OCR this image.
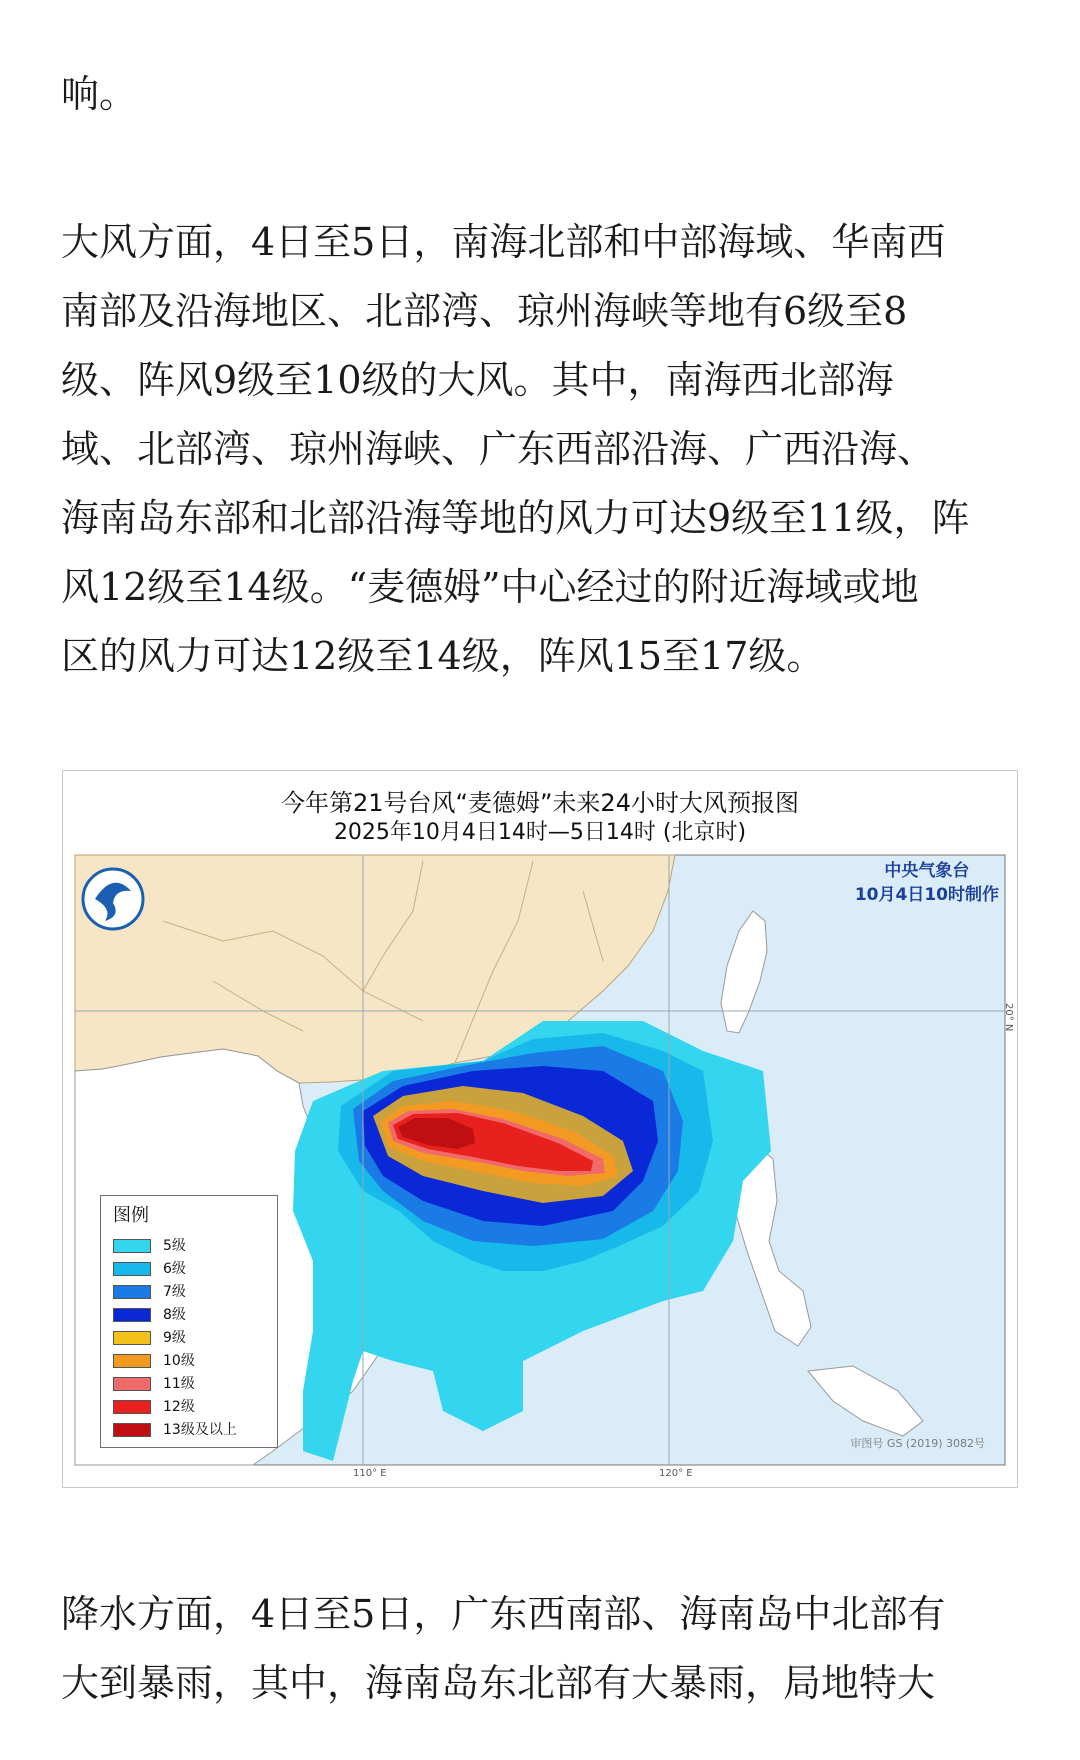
响。

大风方面，4日至5日，南海北部和中部海域、华南西
南部及沿海地区、北部湾、琼州海峡等地有6级至8
级、阵风9级至10级的大风。其中，南海西北部海
域、北部湾、琼州海峡、广东西部沿海、广西沿海、
海南岛东部和北部沿海等地的风力可达9级至11级，阵
风12级至14级。“麦德姆”中心经过的附近海域或地
区的风力可达12级至14级，阵风15至17级。

今年第21号台风“麦德姆”未来24小时大风预报图
2025年10月4日14时—5日14时 (北京时)
中央气象台
10月4日10时制作
图例
5级
6级
7级
8级
9级
10级
11级
12级
13级及以上
110° E	120° E
20° N
审图号 GS (2019) 3082号

降水方面，4日至5日，广东西南部、海南岛中北部有
大到暴雨，其中，海南岛东北部有大暴雨，局地特大
